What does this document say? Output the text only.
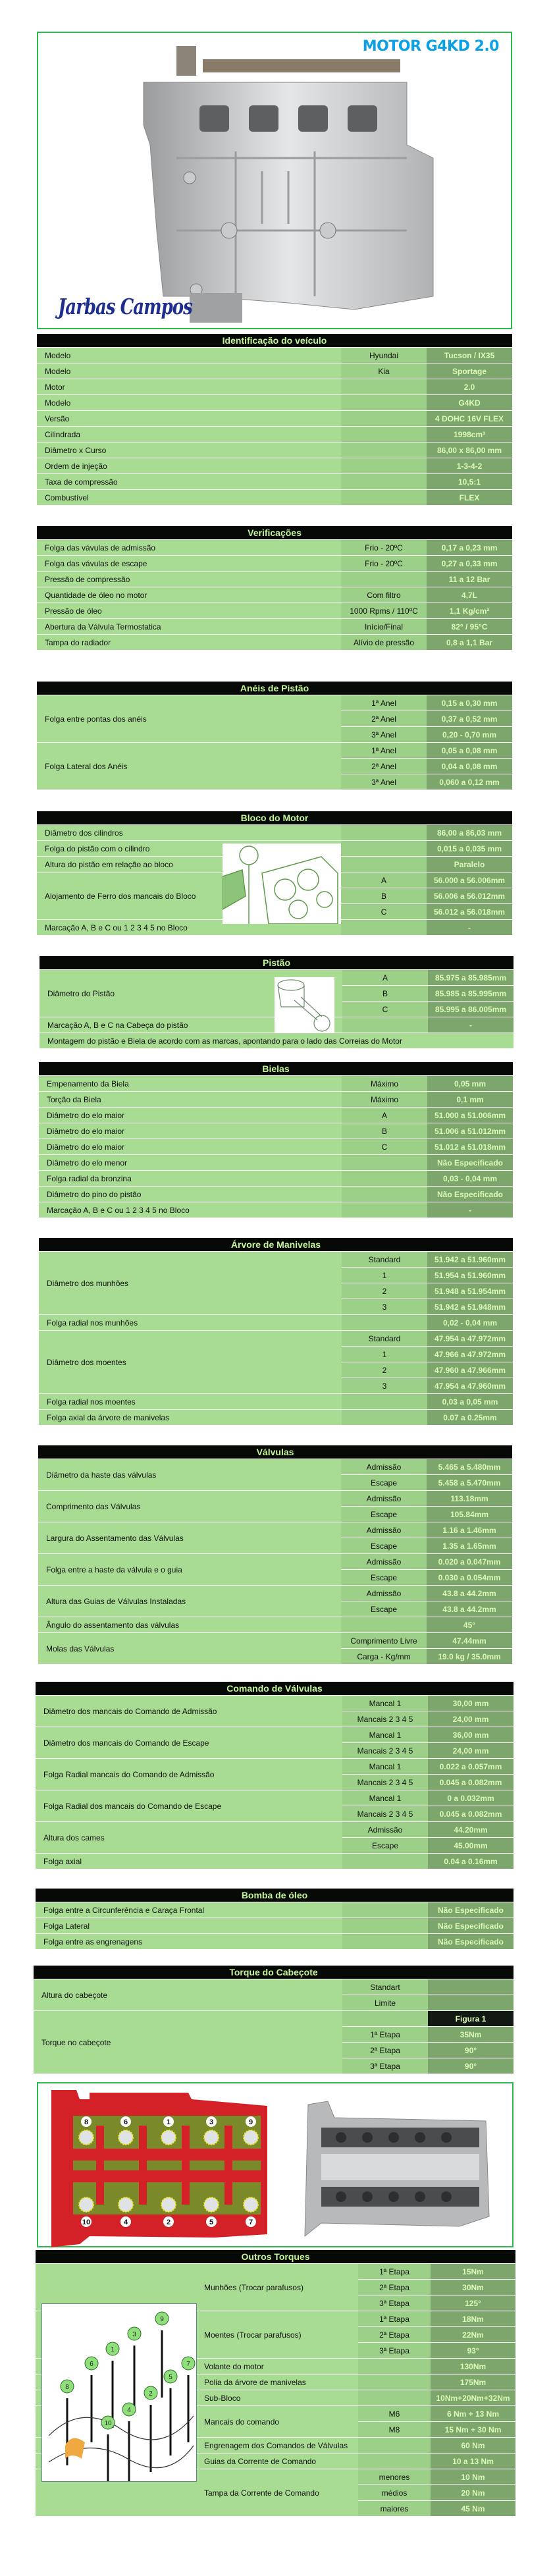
MOTOR G4KD 2.0
Jarbas Campos
Identificação do veículo		
Modelo	Hyundai	Tucson / IX35
Modelo	Kia	Sportage
Motor		2.0
Modelo		G4KD
Versão		4 DOHC 16V FLEX
Cilindrada		1998cm³
Diâmetro x Curso		86,00 x 86,00 mm
Ordem de injeção		1-3-4-2
Taxa de compressão		10,5:1
Combustível		FLEX
Verificações		
Folga das vávulas de admissão	Frio - 20ºC	0,17 a 0,23 mm
Folga das vávulas de escape	Frio - 20ºC	0,27 a 0,33 mm
Pressão de compressão		11 a 12 Bar
Quantidade de óleo no motor	Com filtro	4,7L
Pressão de óleo	1000 Rpms / 110ºC	1,1 Kg/cm²
Abertura da Válvula Termostatica	Início/Final	82° / 95°C
Tampa do radiador	Alívio de pressão	0,8 a 1,1 Bar
Anéis de Pistão		
Folga entre pontas dos anéis	1ª Anel	0,15 a 0,30 mm
	2ª Anel	0,37 a 0,52 mm
	3ª Anel	0,20 - 0,70 mm
Folga Lateral dos Anéis	1ª Anel	0,05 a 0,08 mm
	2ª Anel	0,04 a 0,08 mm
	3ª Anel	0,060 a 0,12 mm
Bloco do Motor		
Diâmetro dos cilindros		86,00 a 86,03 mm
Folga do pistão com o cilindro		0,015 a 0,035 mm
Altura do pistão em relação ao bloco		Paralelo
Alojamento de Ferro dos mancais do Bloco	A	56.000 a 56.006mm
	B	56.006 a 56.012mm
	C	56.012 a 56.018mm
Marcação A, B e C ou 1 2 3 4 5 no Bloco		-
Pistão		
Diâmetro do Pistão	A	85.975 a 85.985mm
	B	85.985 a 85.995mm
	C	85.995 a 86.005mm
Marcação A, B e C na Cabeça do pistão		-
Montagem do pistão e Biela de acordo com as marcas, apontando para o lado das Correias do Motor		
Bielas		
Empenamento da Biela	Máximo	0,05 mm
Torção da Biela	Máximo	0,1 mm
Diâmetro do elo maior	A	51.000 a 51.006mm
Diâmetro do elo maior	B	51.006 a 51.012mm
Diâmetro do elo maior	C	51.012 a 51.018mm
Diâmetro do elo menor		Não Especificado
Folga radial da bronzina		0,03 - 0,04 mm
Diâmetro do pino do pistão		Não Especificado
Marcação A, B e C ou 1 2 3 4 5 no Bloco		-
Árvore de Manivelas		
Diâmetro dos munhões	Standard	51.942 a 51.960mm
	1	51.954 a 51.960mm
	2	51.948 a 51.954mm
	3	51.942 a 51.948mm
Folga radial nos munhões		0,02 - 0,04 mm
Diâmetro dos moentes	Standard	47.954 a 47.972mm
	1	47.966 a 47.972mm
	2	47.960 a 47.966mm
	3	47.954 a 47.960mm
Folga radial nos moentes		0,03 a 0,05 mm
Folga axial da árvore de manivelas		0.07 a 0.25mm
Válvulas		
Diâmetro da haste das válvulas	Admissão	5.465 a 5.480mm
	Escape	5.458 a 5.470mm
Comprimento das Válvulas	Admissão	113.18mm
	Escape	105.84mm
Largura do Assentamento das Válvulas	Admissão	1.16 a 1.46mm
	Escape	1.35 a 1.65mm
Folga entre a haste da válvula e o guia	Admissão	0.020 a 0.047mm
	Escape	0.030 a 0.054mm
Altura das Guias de Válvulas Instaladas	Admissão	43.8 a 44.2mm
	Escape	43.8 a 44.2mm
Ângulo do assentamento das válvulas		45°
Molas das Válvulas	Comprimento Livre	47.44mm
	Carga - Kg/mm	19.0 kg / 35.0mm
Comando de Válvulas		
Diâmetro dos mancais do Comando de Admissão	Mancal 1	30,00 mm
	Mancais 2 3 4 5	24,00 mm
Diâmetro dos mancais do Comando de Escape	Mancal 1	36,00 mm
	Mancais 2 3 4 5	24,00 mm
Folga Radial mancais do Comando de Admissão	Mancal 1	0.022 a 0.057mm
	Mancais 2 3 4 5	0.045 a 0.082mm
Folga Radial dos mancais do Comando de Escape	Mancal 1	0 a 0.032mm
	Mancais 2 3 4 5	0.045 a 0.082mm
Altura dos cames	Admissão	44.20mm
	Escape	45.00mm
Folga axial		0.04 a 0.16mm
Bomba de óleo		
Folga entre a Circunferência e Caraça Frontal		Não Especificado
Folga Lateral		Não Especificado
Folga entre as engrenagens		Não Especificado
Torque do Cabeçote		
Altura do cabeçote	Standart	
	Limite	
Torque no cabeçote		Figura 1
	1ª Etapa	35Nm
	2ª Etapa	90°
	3ª Etapa	90°
Outros Torques			
	Munhões (Trocar parafusos)	1ª Etapa	15Nm
		2ª Etapa	30Nm
		3ª Etapa	125°
	Moentes (Trocar parafusos)	1ª Etapa	18Nm
		2ª Etapa	22Nm
		3ª Etapa	93°
	Volante do motor		130Nm
	Polia da árvore de manivelas		175Nm
	Sub-Bloco		10Nm+20Nm+32Nm
	Mancais do comando	M6	6 Nm + 13 Nm
		M8	15 Nm + 30 Nm
	Engrenagem dos Comandos de Válvulas		60 Nm
	Guias da Corrente de Comando		10 a 13 Nm
	Tampa da Corrente de Comando	menores	10 Nm
		médios	20 Nm
		maiores	45 Nm
8
6
10
1
4
3
2
9
5
7
8
10
6
4
1
2
3
5
9
7
